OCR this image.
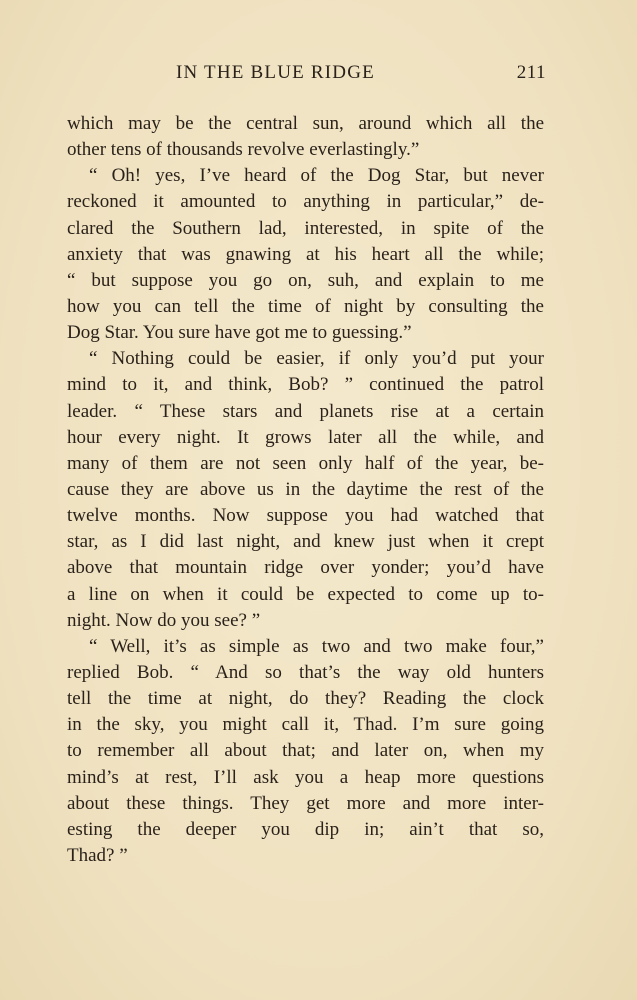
IN THE BLUE RIDGE	211
which may be the central sun, around which all the
other tens of thousands revolve everlastingly.”
“ Oh! yes, I’ve heard of the Dog Star, but never
reckoned it amounted to anything in particular,” de-
clared the Southern lad, interested, in spite of the
anxiety that was gnawing at his heart all the while;
“ but suppose you go on, suh, and explain to me
how you can tell the time of night by consulting the
Dog Star. You sure have got me to guessing.”
“ Nothing could be easier, if only you’d put your
mind to it, and think, Bob? ” continued the patrol
leader. “ These stars and planets rise at a certain
hour every night. It grows later all the while, and
many of them are not seen only half of the year, be-
cause they are above us in the daytime the rest of the
twelve months. Now suppose you had watched that
star, as I did last night, and knew just when it crept
above that mountain ridge over yonder; you’d have
a line on when it could be expected to come up to-
night. Now do you see? ”
“ Well, it’s as simple as two and two make four,”
replied Bob. “ And so that’s the way old hunters
tell the time at night, do they? Reading the clock
in the sky, you might call it, Thad. I’m sure going
to remember all about that; and later on, when my
mind’s at rest, I’ll ask you a heap more questions
about these things. They get more and more inter-
esting the deeper you dip in; ain’t that so,
Thad? ”
